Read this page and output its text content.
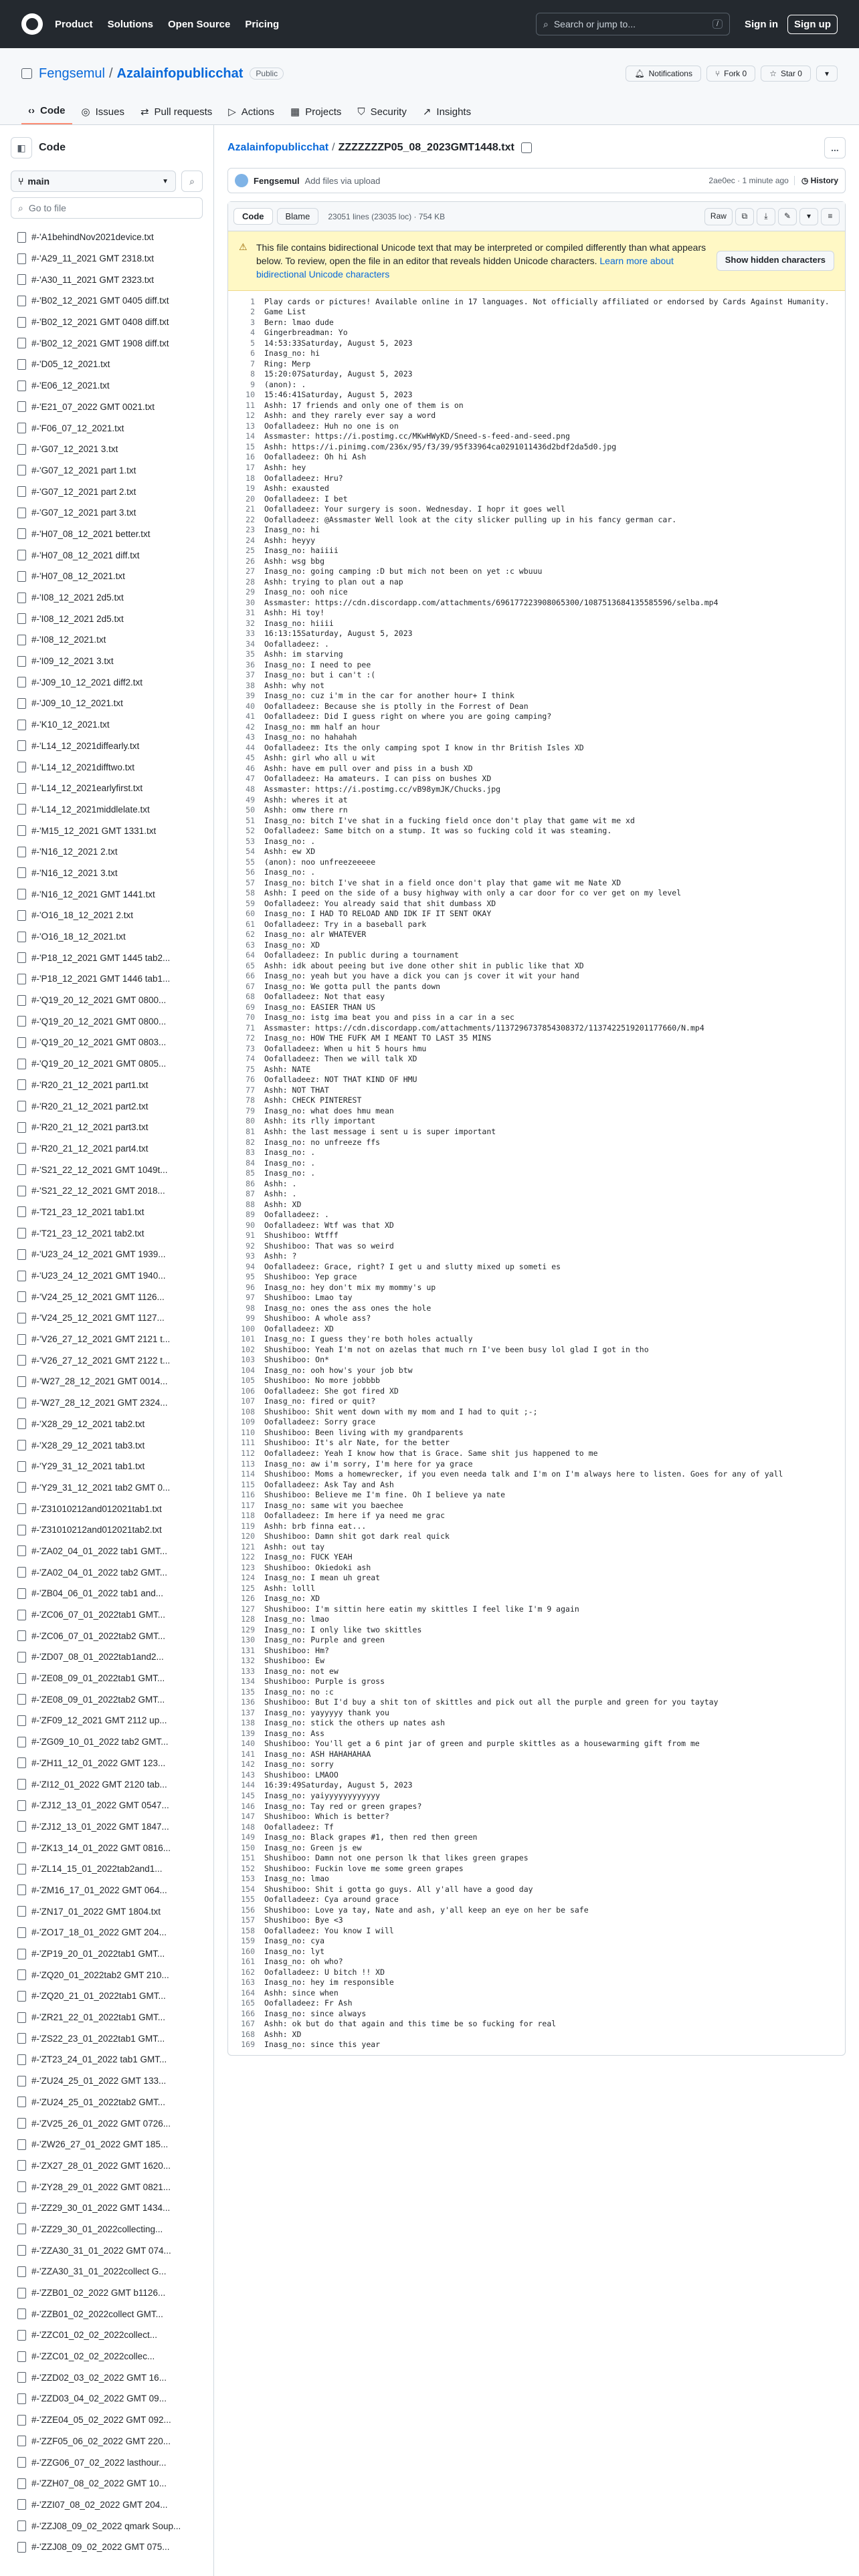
Product Solutions Open Source Pricing	⌕ Search or jump to...	/	Sign in	Sign up
Fengsemul / Azalainfopublicchat	Public	🔔︎ Notifications	⑂ Fork 0	☆ Star 0	▾
‹› Code ◎ Issues ⇄ Pull requests ▷ Actions ▦ Projects ⛉ Security ↗ Insights
◧ Code
⑂ main	▼ ⌕
⌕ Go to file
#-'A1behindNov2021device.txt
#-'A29_11_2021 GMT 2318.txt
#-'A30_11_2021 GMT 2323.txt
#-'B02_12_2021 GMT 0405 diff.txt
#-'B02_12_2021 GMT 0408 diff.txt
#-'B02_12_2021 GMT 1908 diff.txt
#-'D05_12_2021.txt
#-'E06_12_2021.txt
#-'E21_07_2022 GMT 0021.txt
#-'F06_07_12_2021.txt
#-'G07_12_2021 3.txt
#-'G07_12_2021 part 1.txt
#-'G07_12_2021 part 2.txt
#-'G07_12_2021 part 3.txt
#-'H07_08_12_2021 better.txt
#-'H07_08_12_2021 diff.txt
#-'H07_08_12_2021.txt
#-'I08_12_2021 2d5.txt
#-'I08_12_2021 2d5.txt
#-'I08_12_2021.txt
#-'I09_12_2021 3.txt
#-'J09_10_12_2021 diff2.txt
#-'J09_10_12_2021.txt
#-'K10_12_2021.txt
#-'L14_12_2021diffearly.txt
#-'L14_12_2021difftwo.txt
#-'L14_12_2021earlyfirst.txt
#-'L14_12_2021middlelate.txt
#-'M15_12_2021 GMT 1331.txt
#-'N16_12_2021 2.txt
#-'N16_12_2021 3.txt
#-'N16_12_2021 GMT 1441.txt
#-'O16_18_12_2021 2.txt
#-'O16_18_12_2021.txt
#-'P18_12_2021 GMT 1445 tab2...
#-'P18_12_2021 GMT 1446 tab1...
#-'Q19_20_12_2021 GMT 0800...
#-'Q19_20_12_2021 GMT 0800...
#-'Q19_20_12_2021 GMT 0803...
#-'Q19_20_12_2021 GMT 0805...
#-'R20_21_12_2021 part1.txt
#-'R20_21_12_2021 part2.txt
#-'R20_21_12_2021 part3.txt
#-'R20_21_12_2021 part4.txt
#-'S21_22_12_2021 GMT 1049t...
#-'S21_22_12_2021 GMT 2018...
#-'T21_23_12_2021 tab1.txt
#-'T21_23_12_2021 tab2.txt
#-'U23_24_12_2021 GMT 1939...
#-'U23_24_12_2021 GMT 1940...
#-'V24_25_12_2021 GMT 1126...
#-'V24_25_12_2021 GMT 1127...
#-'V26_27_12_2021 GMT 2121 t...
#-'V26_27_12_2021 GMT 2122 t...
#-'W27_28_12_2021 GMT 0014...
#-'W27_28_12_2021 GMT 2324...
#-'X28_29_12_2021 tab2.txt
#-'X28_29_12_2021 tab3.txt
#-'Y29_31_12_2021 tab1.txt
#-'Y29_31_12_2021 tab2 GMT 0...
#-'Z31010212and012021tab1.txt
#-'Z31010212and012021tab2.txt
#-'ZA02_04_01_2022 tab1 GMT...
#-'ZA02_04_01_2022 tab2 GMT...
#-'ZB04_06_01_2022 tab1 and...
#-'ZC06_07_01_2022tab1 GMT...
#-'ZC06_07_01_2022tab2 GMT...
#-'ZD07_08_01_2022tab1and2...
#-'ZE08_09_01_2022tab1 GMT...
#-'ZE08_09_01_2022tab2 GMT...
#-'ZF09_12_2021 GMT 2112 up...
#-'ZG09_10_01_2022 tab2 GMT...
#-'ZH11_12_01_2022 GMT 123...
#-'ZI12_01_2022 GMT 2120 tab...
#-'ZJ12_13_01_2022 GMT 0547...
#-'ZJ12_13_01_2022 GMT 1847...
#-'ZK13_14_01_2022 GMT 0816...
#-'ZL14_15_01_2022tab2and1...
#-'ZM16_17_01_2022 GMT 064...
#-'ZN17_01_2022 GMT 1804.txt
#-'ZO17_18_01_2022 GMT 204...
#-'ZP19_20_01_2022tab1 GMT...
#-'ZQ20_01_2022tab2 GMT 210...
#-'ZQ20_21_01_2022tab1 GMT...
#-'ZR21_22_01_2022tab1 GMT...
#-'ZS22_23_01_2022tab1 GMT...
#-'ZT23_24_01_2022 tab1 GMT...
#-'ZU24_25_01_2022 GMT 133...
#-'ZU24_25_01_2022tab2 GMT...
#-'ZV25_26_01_2022 GMT 0726...
#-'ZW26_27_01_2022 GMT 185...
#-'ZX27_28_01_2022 GMT 1620...
#-'ZY28_29_01_2022 GMT 0821...
#-'ZZ29_30_01_2022 GMT 1434...
#-'ZZ29_30_01_2022collecting...
#-'ZZA30_31_01_2022 GMT 074...
#-'ZZA30_31_01_2022collect G...
#-'ZZB01_02_2022 GMT b1126...
#-'ZZB01_02_2022collect GMT...
#-'ZZC01_02_02_2022collect...
#-'ZZC01_02_02_2022collec...
#-'ZZD02_03_02_2022 GMT 16...
#-'ZZD03_04_02_2022 GMT 09...
#-'ZZE04_05_02_2022 GMT 092...
#-'ZZF05_06_02_2022 GMT 220...
#-'ZZG06_07_02_2022 lasthour...
#-'ZZH07_08_02_2022 GMT 10...
#-'ZZI07_08_02_2022 GMT 204...
#-'ZZJ08_09_02_2022 qmark Soup...
#-'ZZJ08_09_02_2022 GMT 075...
Azalainfopublicchat / ZZZZZZZP05_08_2023GMT1448.txt	...
Fengsemul Add files via upload	2ae0ec · 1 minute ago	◷ History
Code	Blame	23051 lines (23035 loc) · 754 KB	Raw	⧉	⤓	✎	▾	≡
⚠ This file contains bidirectional Unicode text that may be interpreted or compiled differently than what appears below. To review, open the file in an editor that reveals hidden Unicode characters. Learn more about bidirectional Unicode characters
Show hidden characters
1	Play cards or pictures! Available online in 17 languages. Not officially affiliated or endorsed by Cards Against Humanity.
2	Game List
3	Bern: lmao dude
4	Gingerbreadman: Yo
5	14:53:33Saturday, August 5, 2023
6	Inasg_no: hi
7	Ring: Merp
8	15:20:07Saturday, August 5, 2023
9	(anon): .
10	15:46:41Saturday, August 5, 2023
11	Ashh: 17 friends and only one of them is on
12	Ashh: and they rarely ever say a word
13	Oofalladeez: Huh no one is on
14	Assmaster: https://i.postimg.cc/MKwHWyKD/Sneed-s-feed-and-seed.png
15	Ashh: https://i.pinimg.com/236x/95/f3/39/95f33964ca0291011436d2bdf2da5d0.jpg
16	Oofalladeez: Oh hi Ash
17	Ashh: hey
18	Oofalladeez: Hru?
19	Ashh: exausted
20	Oofalladeez: I bet
21	Oofalladeez: Your surgery is soon. Wednesday. I hopr it goes well
22	Oofalladeez: @Assmaster Well look at the city slicker pulling up in his fancy german car.
23	Inasg_no: hi
24	Ashh: heyyy
25	Inasg_no: haiiii
26	Ashh: wsg bbg
27	Inasg_no: going camping :D but mich not been on yet :c wbuuu
28	Ashh: trying to plan out a nap
29	Inasg_no: ooh nice
30	Assmaster: https://cdn.discordapp.com/attachments/696177223908065300/1087513684135585596/selba.mp4
31	Ashh: Hi toy!
32	Inasg_no: hiiii
33	16:13:15Saturday, August 5, 2023
34	Oofalladeez: .
35	Ashh: im starving
36	Inasg_no: I need to pee
37	Inasg_no: but i can't :(
38	Ashh: why not
39	Inasg_no: cuz i'm in the car for another hour+ I think
40	Oofalladeez: Because she is ptolly in the Forrest of Dean
41	Oofalladeez: Did I guess right on where you are going camping?
42	Inasg_no: mm half an hour
43	Inasg_no: no hahahah
44	Oofalladeez: Its the only camping spot I know in thr British Isles XD
45	Ashh: girl who all u wit
46	Ashh: have em pull over and piss in a bush XD
47	Oofalladeez: Ha amateurs. I can piss on bushes XD
48	Assmaster: https://i.postimg.cc/vB98ymJK/Chucks.jpg
49	Ashh: wheres it at
50	Ashh: omw there rn
51	Inasg_no: bitch I've shat in a fucking field once don't play that game wit me xd
52	Oofalladeez: Same bitch on a stump. It was so fucking cold it was steaming.
53	Inasg_no: .
54	Ashh: ew XD
55	(anon): noo unfreezeeeee
56	Inasg_no: .
57	Inasg_no: bitch I've shat in a field once don't play that game wit me Nate XD
58	Ashh: I peed on the side of a busy highway with only a car door for co ver get on my level
59	Oofalladeez: You already said that shit dumbass XD
60	Inasg_no: I HAD TO RELOAD AND IDK IF IT SENT OKAY
61	Oofalladeez: Try in a baseball park
62	Inasg_no: alr WHATEVER
63	Inasg_no: XD
64	Oofalladeez: In public during a tournament
65	Ashh: idk about peeing but ive done other shit in public like that XD
66	Inasg_no: yeah but you have a dick you can js cover it wit your hand
67	Inasg_no: We gotta pull the pants down
68	Oofalladeez: Not that easy
69	Inasg_no: EASIER THAN US
70	Inasg_no: istg ima beat you and piss in a car in a sec
71	Assmaster: https://cdn.discordapp.com/attachments/1137296737854308372/1137422519201177660/N.mp4
72	Inasg_no: HOW THE FUFK AM I MEANT TO LAST 35 MINS
73	Oofalladeez: When u hit 5 hours hmu
74	Oofalladeez: Then we will talk XD
75	Ashh: NATE
76	Oofalladeez: NOT THAT KIND OF HMU
77	Ashh: NOT THAT
78	Ashh: CHECK PINTEREST
79	Inasg_no: what does hmu mean
80	Ashh: its rlly important
81	Ashh: the last message i sent u is super important
82	Inasg_no: no unfreeze ffs
83	Inasg_no: .
84	Inasg_no: .
85	Inasg_no: .
86	Ashh: .
87	Ashh: .
88	Ashh: XD
89	Oofalladeez: .
90	Oofalladeez: Wtf was that XD
91	Shushiboo: Wtfff
92	Shushiboo: That was so weird
93	Ashh: ?
94	Oofalladeez: Grace, right? I get u and slutty mixed up someti es
95	Shushiboo: Yep grace
96	Inasg_no: hey don't mix my mommy's up
97	Shushiboo: Lmao tay
98	Inasg_no: ones the ass ones the hole
99	Shushiboo: A whole ass?
100	Oofalladeez: XD
101	Inasg_no: I guess they're both holes actually
102	Shushiboo: Yeah I'm not on azelas that much rn I've been busy lol glad I got in tho
103	Shushiboo: On*
104	Inasg_no: ooh how's your job btw
105	Shushiboo: No more jobbbb
106	Oofalladeez: She got fired XD
107	Inasg_no: fired or quit?
108	Shushiboo: Shit went down with my mom and I had to quit ;-;
109	Oofalladeez: Sorry grace
110	Shushiboo: Been living with my grandparents
111	Shushiboo: It's alr Nate, for the better
112	Oofalladeez: Yeah I know how that is Grace. Same shit jus happened to me
113	Inasg_no: aw i'm sorry, I'm here for ya grace
114	Shushiboo: Moms a homewrecker, if you even needa talk and I'm on I'm always here to listen. Goes for any of yall
115	Oofalladeez: Ask Tay and Ash
116	Shushiboo: Believe me I'm fine. Oh I believe ya nate
117	Inasg_no: same wit you baechee
118	Oofalladeez: Im here if ya need me grac
119	Ashh: brb finna eat...
120	Shushiboo: Damn shit got dark real quick
121	Ashh: out tay
122	Inasg_no: FUCK YEAH
123	Shushiboo: Okiedoki ash
124	Inasg_no: I mean uh great
125	Ashh: lolll
126	Inasg_no: XD
127	Shushiboo: I'm sittin here eatin my skittles I feel like I'm 9 again
128	Inasg_no: lmao
129	Inasg_no: I only like two skittles
130	Inasg_no: Purple and green
131	Shushiboo: Hm?
132	Shushiboo: Ew
133	Inasg_no: not ew
134	Shushiboo: Purple is gross
135	Inasg_no: no :c
136	Shushiboo: But I'd buy a shit ton of skittles and pick out all the purple and green for you taytay
137	Inasg_no: yayyyyy thank you
138	Inasg_no: stick the others up nates ash
139	Inasg_no: Ass
140	Shushiboo: You'll get a 6 pint jar of green and purple skittles as a housewarming gift from me
141	Inasg_no: ASH HAHAHAHAA
142	Inasg_no: sorry
143	Shushiboo: LMAOO
144	16:39:49Saturday, August 5, 2023
145	Inasg_no: yaiyyyyyyyyyyyy
146	Inasg_no: Tay red or green grapes?
147	Shushiboo: Which is better?
148	Oofalladeez: Tf
149	Inasg_no: Black grapes #1, then red then green
150	Inasg_no: Green js ew
151	Shushiboo: Damn not one person lk that likes green grapes
152	Shushiboo: Fuckin love me some green grapes
153	Inasg_no: lmao
154	Shushiboo: Shit i gotta go guys. All y'all have a good day
155	Oofalladeez: Cya around grace
156	Shushiboo: Love ya tay, Nate and ash, y'all keep an eye on her be safe
157	Shushiboo: Bye <3
158	Oofalladeez: You know I will
159	Inasg_no: cya
160	Inasg_no: lyt
161	Inasg_no: oh who?
162	Oofalladeez: U bitch !! XD
163	Inasg_no: hey im responsible
164	Ashh: since when
165	Oofalladeez: Fr Ash
166	Inasg_no: since always
167	Ashh: ok but do that again and this time be so fucking for real
168	Ashh: XD
169	Inasg_no: since this year
